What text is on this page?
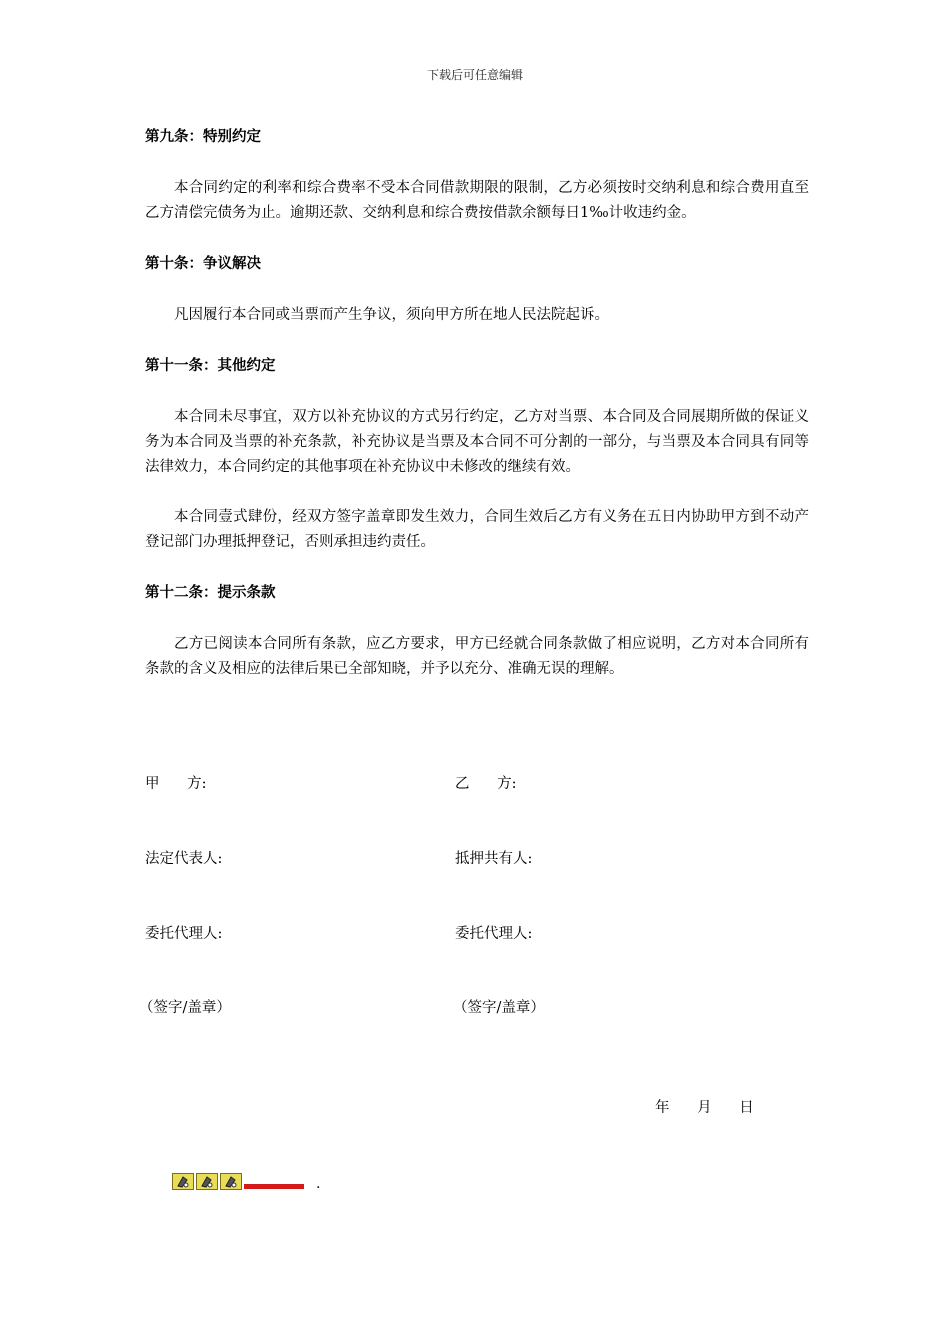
下载后可任意编辑
第九条：特别约定

本合同约定的利率和综合费率不受本合同借款期限的限制，乙方必须按时交纳利息和综合费用直至乙方清偿完债务为止。逾期还款、交纳利息和综合费按借款余额每日1‰计收违约金。

第十条：争议解决

凡因履行本合同或当票而产生争议，须向甲方所在地人民法院起诉。

第十一条：其他约定

本合同未尽事宜，双方以补充协议的方式另行约定，乙方对当票、本合同及合同展期所做的保证义务为本合同及当票的补充条款，补充协议是当票及本合同不可分割的一部分，与当票及本合同具有同等法律效力，本合同约定的其他事项在补充协议中未修改的继续有效。

本合同壹式肆份，经双方签字盖章即发生效力，合同生效后乙方有义务在五日内协助甲方到不动产登记部门办理抵押登记，否则承担违约责任。

第十二条：提示条款

乙方已阅读本合同所有条款，应乙方要求，甲方已经就合同条款做了相应说明，乙方对本合同所有条款的含义及相应的法律后果已全部知晓，并予以充分、准确无误的理解。

甲      方:	乙      方:
法定代表人:	抵押共有人:
委托代理人:	委托代理人:
（签字/盖章）	（签字/盖章）
年      月      日
.
